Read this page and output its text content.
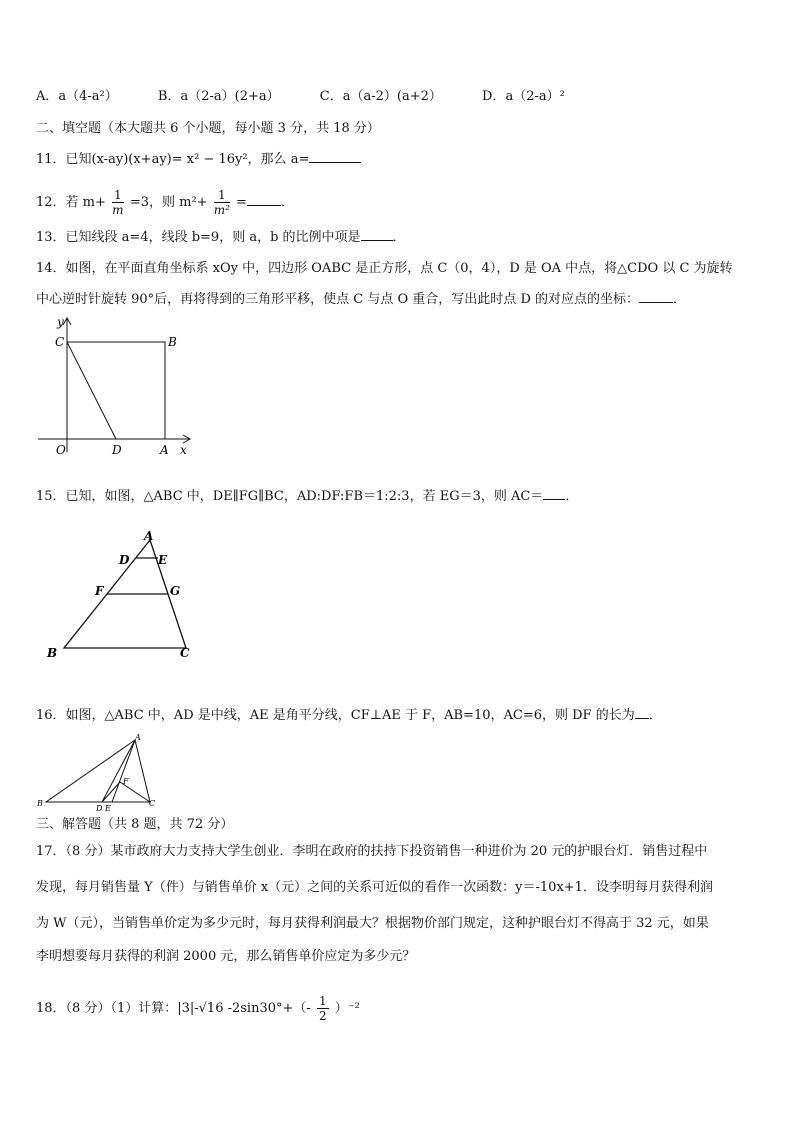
A．a（4-a²）	B．a（2-a）(2+a）	C．a（a-2）(a+2）	D．a（2-a）²
二、填空题（本大题共 6 个小题，每小题 3 分，共 18 分）
11．已知(x-ay)(x+ay)= x² − 16y²，那么 a=
12．若 $m+ \frac{1}{m} =3$，则 $m^2+ \frac{1}{\text{m²}}$ =	．
13．已知线段 a=4，线段 b=9，则 a，b 的比例中项是 ．
14．如图，在平面直角坐标系 xOy 中，四边形 OABC 是正方形，点 C（0，4），D 是 OA 中点，将△CDO 以 C 为旋转
中心逆时针旋转 90°后，再将得到的三角形平移，使点 C 与点 O 重合，写出此时点 D 的对应点的坐标：	．
y
x
C	B
O	D	A
15．已知，如图，△ABC 中，DE∥FG∥BC，AD:DF:FB＝1:2:3，若 EG＝3，则 AC＝ ．
A
D E
F	G
B	C
16．如图，△ABC 中，AD 是中线，AE 是角平分线，CF⊥AE 于 F，AB=10，AC=6，则 DF 的长为 ．
A
F
B
D E
C
三、解答题（共 8 题，共 72 分）
17．（8 分）某市政府大力支持大学生创业．李明在政府的扶持下投资销售一种进价为 20 元的护眼台灯．销售过程中
发现，每月销售量 Y（件）与销售单价 x（元）之间的关系可近似的看作一次函数：y＝-10x+1．设李明每月获得利润
为 W（元），当销售单价定为多少元时，每月获得利润最大？根据物价部门规定，这种护眼台灯不得高于 32 元，如果
李明想要每月获得的利润 2000 元，那么销售单价应定为多少元？
18．（8 分）（1）计算：|3|-√16 $-2\sin 30^\circ+(- \frac{1}{2} )^{-2}$
